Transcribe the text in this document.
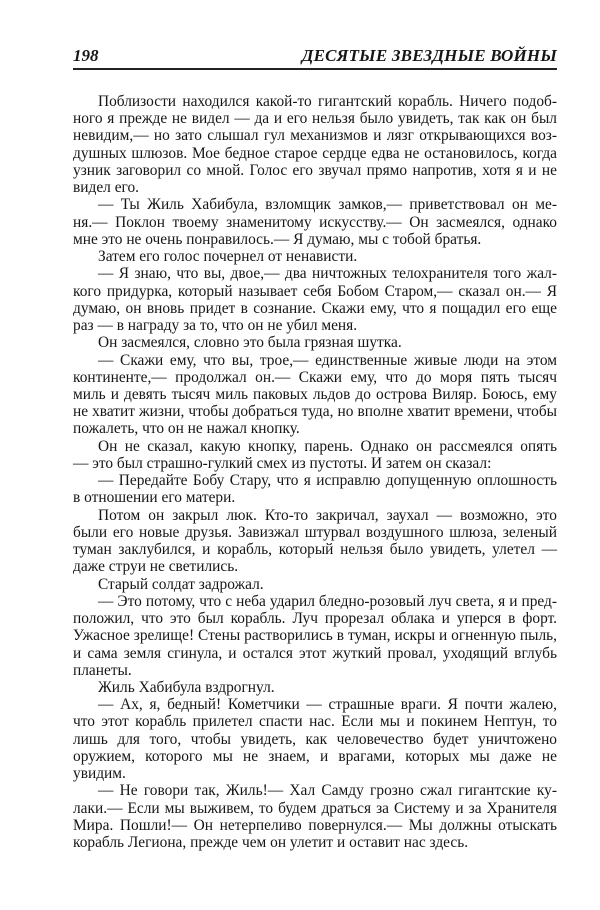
198	ДЕСЯТЫЕ ЗВЕЗДНЫЕ ВОЙНЫ
Поблизости находился какой-то гигантский корабль. Ничего подоб-
ного я прежде не видел — да и его нельзя было увидеть, так как он был
невидим,— но зато слышал гул механизмов и лязг открывающихся воз-
душных шлюзов. Мое бедное старое сердце едва не остановилось, когда
узник заговорил со мной. Голос его звучал прямо напротив, хотя я и не
видел его.
— Ты Жиль Хабибула, взломщик замков,— приветствовал он ме-
ня.— Поклон твоему знаменитому искусству.— Он засмеялся, однако
мне это не очень понравилось.— Я думаю, мы с тобой братья.
Затем его голос почернел от ненависти.
— Я знаю, что вы, двое,— два ничтожных телохранителя того жал-
кого придурка, который называет себя Бобом Старом,— сказал он.— Я
думаю, он вновь придет в сознание. Скажи ему, что я пощадил его еще
раз — в награду за то, что он не убил меня.
Он засмеялся, словно это была грязная шутка.
— Скажи ему, что вы, трое,— единственные живые люди на этом
континенте,— продолжал он.— Скажи ему, что до моря пять тысяч
миль и девять тысяч миль паковых льдов до острова Виляр. Боюсь, ему
не хватит жизни, чтобы добраться туда, но вполне хватит времени, чтобы
пожалеть, что он не нажал кнопку.
Он не сказал, какую кнопку, парень. Однако он рассмеялся опять
— это был страшно-гулкий смех из пустоты. И затем он сказал:
— Передайте Бобу Стару, что я исправлю допущенную оплошность
в отношении его матери.
Потом он закрыл люк. Кто-то закричал, заухал — возможно, это
были его новые друзья. Завизжал штурвал воздушного шлюза, зеленый
туман заклубился, и корабль, который нельзя было увидеть, улетел —
даже струи не светились.
Старый солдат задрожал.
— Это потому, что с неба ударил бледно-розовый луч света, я и пред-
положил, что это был корабль. Луч прорезал облака и уперся в форт.
Ужасное зрелище! Стены растворились в туман, искры и огненную пыль,
и сама земля сгинула, и остался этот жуткий провал, уходящий вглубь
планеты.
Жиль Хабибула вздрогнул.
— Ах, я, бедный! Кометчики — страшные враги. Я почти жалею,
что этот корабль прилетел спасти нас. Если мы и покинем Нептун, то
лишь для того, чтобы увидеть, как человечество будет уничтожено
оружием, которого мы не знаем, и врагами, которых мы даже не
увидим.
— Не говори так, Жиль!— Хал Самду грозно сжал гигантские ку-
лаки.— Если мы выживем, то будем драться за Систему и за Хранителя
Мира. Пошли!— Он нетерпеливо повернулся.— Мы должны отыскать
корабль Легиона, прежде чем он улетит и оставит нас здесь.
